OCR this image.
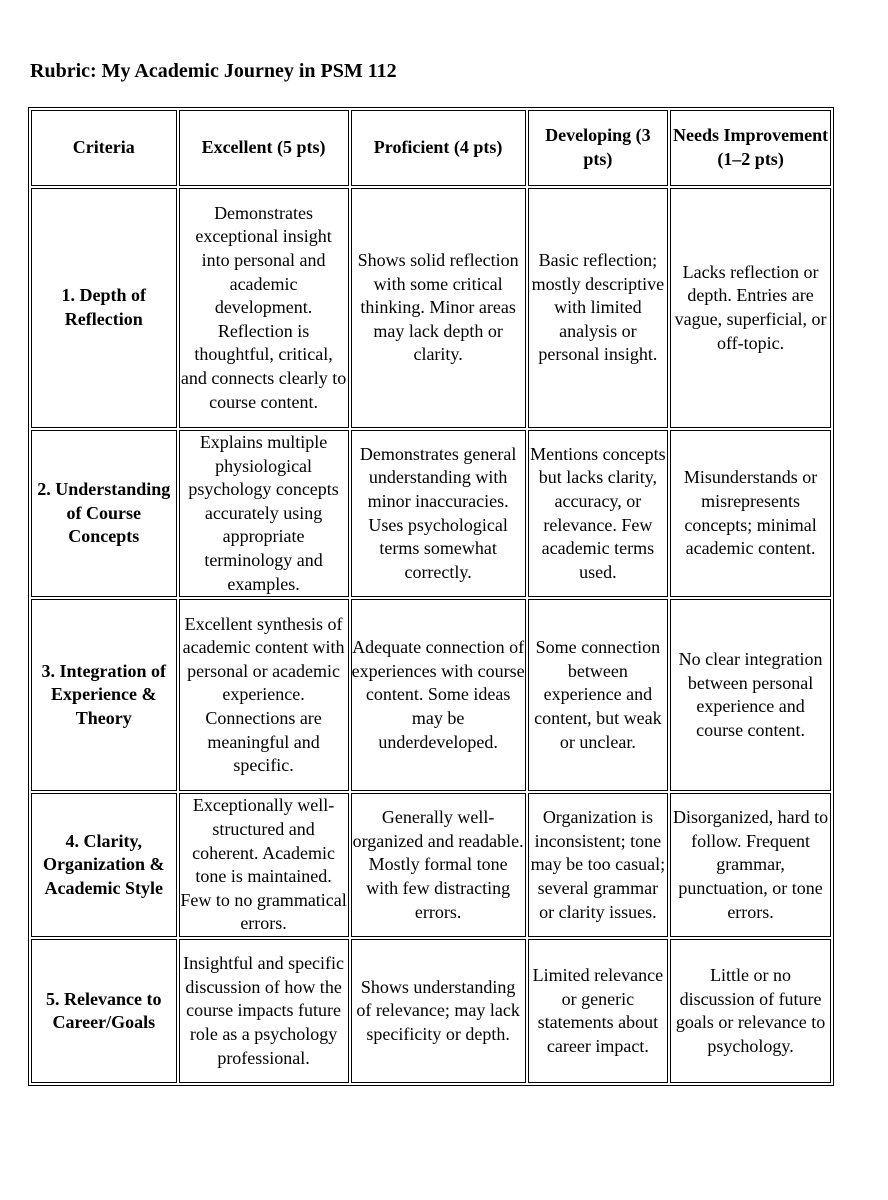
Rubric: My Academic Journey in PSM 112
Criteria	Excellent (5 pts)	Proficient (4 pts)	Developing (3 pts)	Needs Improvement (1–2 pts)
1. Depth of Reflection	Demonstrates exceptional insight into personal and academic development. Reflection is thoughtful, critical, and connects clearly to course content.	Shows solid reflection with some critical thinking. Minor areas may lack depth or clarity.	Basic reflection; mostly descriptive with limited analysis or personal insight.	Lacks reflection or depth. Entries are vague, superficial, or off-topic.
2. Understanding of Course Concepts	Explains multiple physiological psychology concepts accurately using appropriate terminology and examples.	Demonstrates general understanding with minor inaccuracies. Uses psychological terms somewhat correctly.	Mentions concepts but lacks clarity, accuracy, or relevance. Few academic terms used.	Misunderstands or misrepresents concepts; minimal academic content.
3. Integration of Experience & Theory	Excellent synthesis of academic content with personal or academic experience. Connections are meaningful and specific.	Adequate connection of experiences with course content. Some ideas may be underdeveloped.	Some connection between experience and content, but weak or unclear.	No clear integration between personal experience and course content.
4. Clarity, Organization & Academic Style	Exceptionally well-structured and coherent. Academic tone is maintained. Few to no grammatical errors.	Generally well-organized and readable. Mostly formal tone with few distracting errors.	Organization is inconsistent; tone may be too casual; several grammar or clarity issues.	Disorganized, hard to follow. Frequent grammar, punctuation, or tone errors.
5. Relevance to Career/Goals	Insightful and specific discussion of how the course impacts future role as a psychology professional.	Shows understanding of relevance; may lack specificity or depth.	Limited relevance or generic statements about career impact.	Little or no discussion of future goals or relevance to psychology.
